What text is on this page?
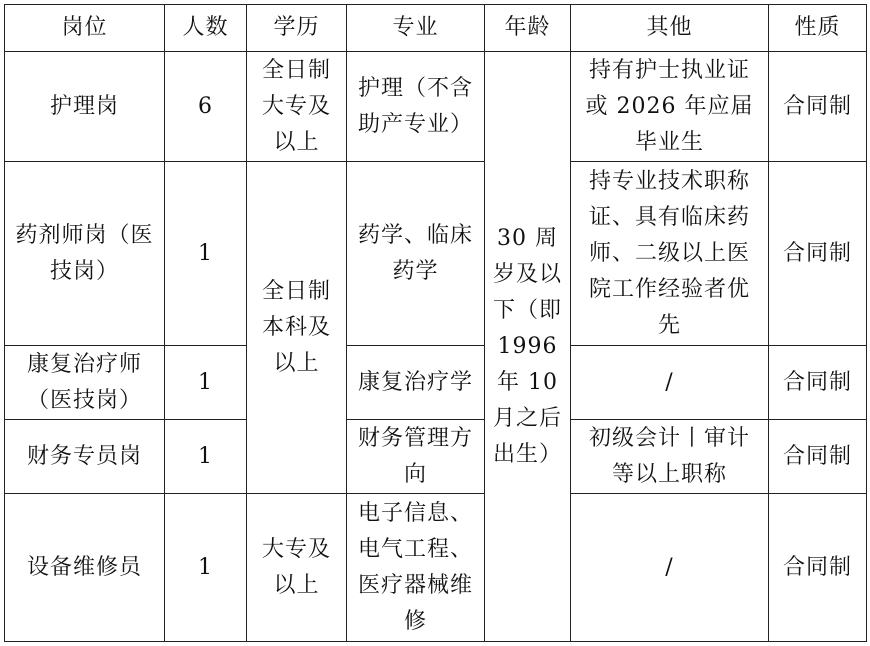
岗位	人数	学历	专业	年龄	其他	性质
护理岗	6	全日制大专及以上	护理（不含助产专业）	30 周岁及以下（即 1996 年 10 月之后出生）	持有护士执业证或 2026 年应届毕业生	合同制
药剂师岗（医技岗）	1	全日制本科及以上	药学、临床药学		持专业技术职称证、具有临床药师、二级以上医院工作经验者优先	合同制
康复治疗师（医技岗）	1		康复治疗学		/	合同制
财务专员岗	1		财务管理方向		初级会计丨审计等以上职称	合同制
设备维修员	1	大专及以上	电子信息、电气工程、医疗器械维修		/	合同制
